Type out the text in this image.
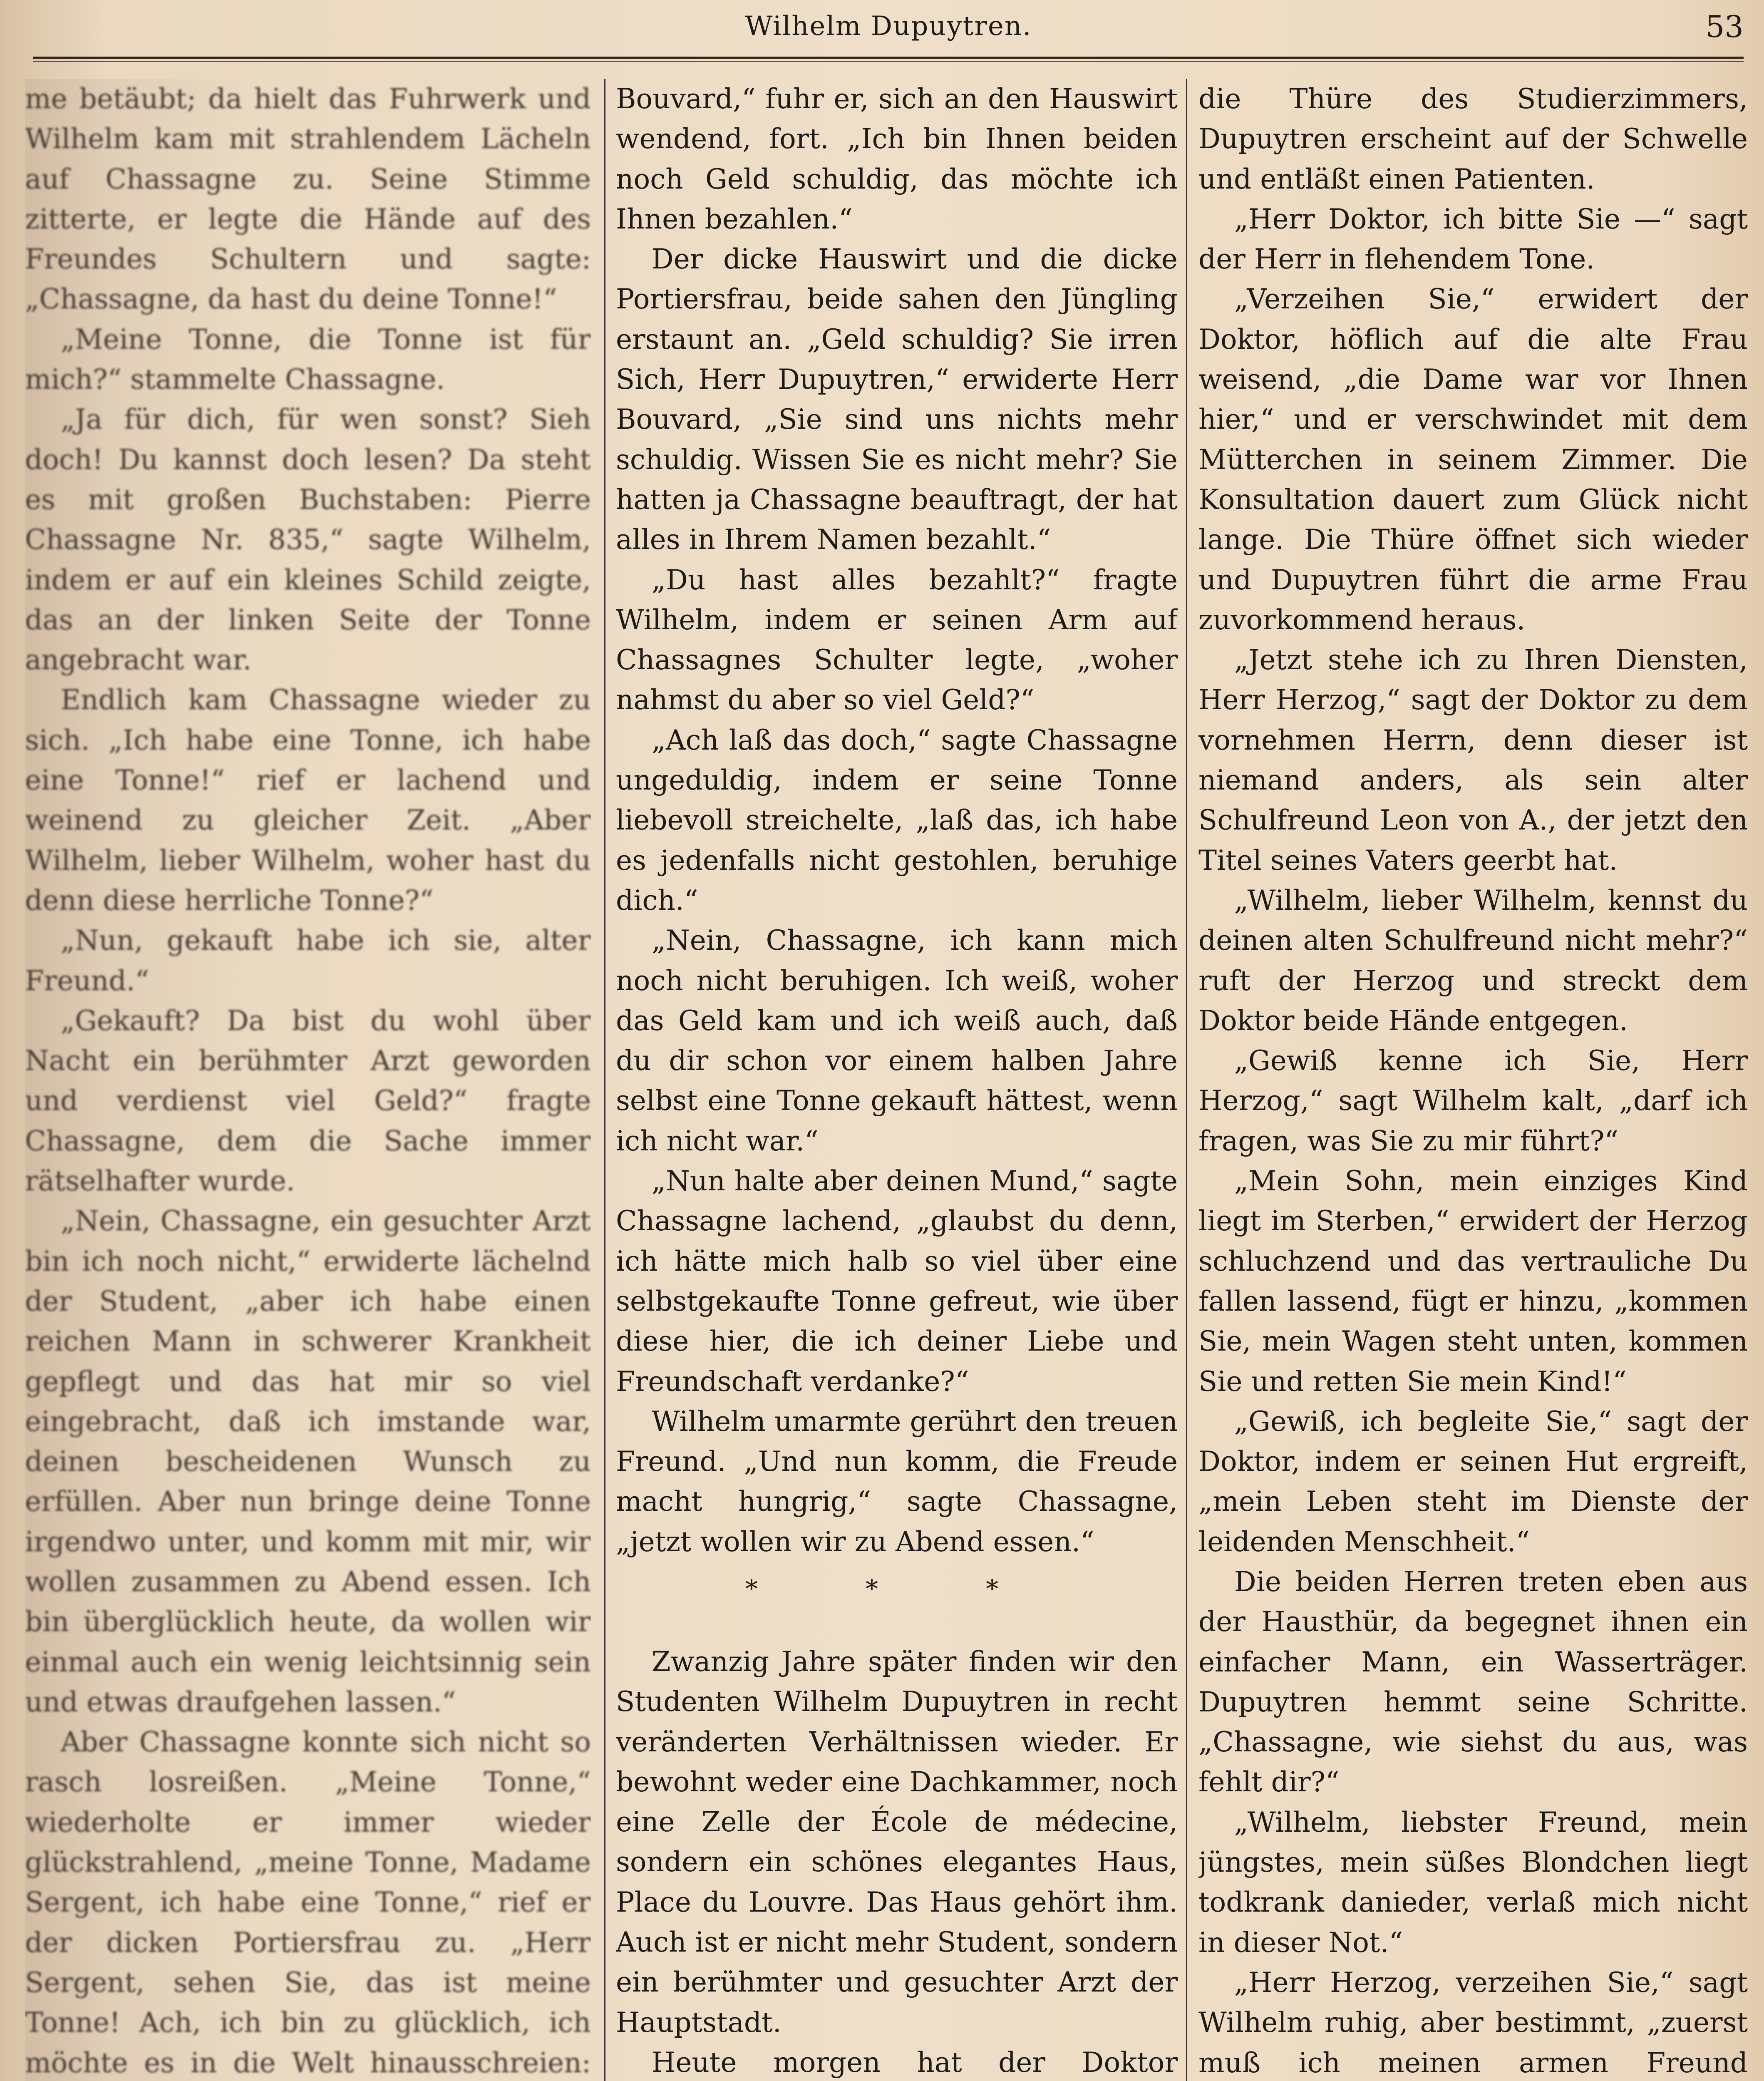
Wilhelm Dupuytren.	53

me betäubt; da hielt das Fuhrwerk und Wilhelm kam mit strahlendem Lächeln auf Chassagne zu. Seine Stimme zitterte, er legte die Hände auf des Freundes Schultern und sagte: „Chassagne, da hast du deine Tonne!“

„Meine Tonne, die Tonne ist für mich?“ stammelte Chassagne.

„Ja für dich, für wen sonst? Sieh doch! Du kannst doch lesen? Da steht es mit großen Buchstaben: Pierre Chassagne Nr. 835,“ sagte Wilhelm, indem er auf ein kleines Schild zeigte, das an der linken Seite der Tonne angebracht war.

Endlich kam Chassagne wieder zu sich. „Ich habe eine Tonne, ich habe eine Tonne!“ rief er lachend und weinend zu gleicher Zeit. „Aber Wilhelm, lieber Wilhelm, woher hast du denn diese herrliche Tonne?“

„Nun, gekauft habe ich sie, alter Freund.“

„Gekauft? Da bist du wohl über Nacht ein berühmter Arzt geworden und verdienst viel Geld?“ fragte Chassagne, dem die Sache immer rätselhafter wurde.

„Nein, Chassagne, ein gesuchter Arzt bin ich noch nicht,“ erwiderte lächelnd der Student, „aber ich habe einen reichen Mann in schwerer Krankheit gepflegt und das hat mir so viel eingebracht, daß ich imstande war, deinen bescheidenen Wunsch zu erfüllen. Aber nun bringe deine Tonne irgendwo unter, und komm mit mir, wir wollen zusammen zu Abend essen. Ich bin überglücklich heute, da wollen wir einmal auch ein wenig leichtsinnig sein und etwas draufgehen lassen.“

Aber Chassagne konnte sich nicht so rasch losreißen. „Meine Tonne,“ wiederholte er immer wieder glückstrahlend, „meine Tonne, Madame Sergent, ich habe eine Tonne,“ rief er der dicken Portiersfrau zu. „Herr Sergent, sehen Sie, das ist meine Tonne! Ach, ich bin zu glücklich, ich möchte es in die Welt hinausschreien:

Bouvard,“ fuhr er, sich an den Hauswirt wendend, fort. „Ich bin Ihnen beiden noch Geld schuldig, das möchte ich Ihnen bezahlen.“

Der dicke Hauswirt und die dicke Portiersfrau, beide sahen den Jüngling erstaunt an. „Geld schuldig? Sie irren Sich, Herr Dupuytren,“ erwiderte Herr Bouvard, „Sie sind uns nichts mehr schuldig. Wissen Sie es nicht mehr? Sie hatten ja Chassagne beauftragt, der hat alles in Ihrem Namen bezahlt.“

„Du hast alles bezahlt?“ fragte Wilhelm, indem er seinen Arm auf Chassagnes Schulter legte, „woher nahmst du aber so viel Geld?“

„Ach laß das doch,“ sagte Chassagne ungeduldig, indem er seine Tonne liebevoll streichelte, „laß das, ich habe es jedenfalls nicht gestohlen, beruhige dich.“

„Nein, Chassagne, ich kann mich noch nicht beruhigen. Ich weiß, woher das Geld kam und ich weiß auch, daß du dir schon vor einem halben Jahre selbst eine Tonne gekauft hättest, wenn ich nicht war.“

„Nun halte aber deinen Mund,“ sagte Chassagne lachend, „glaubst du denn, ich hätte mich halb so viel über eine selbstgekaufte Tonne gefreut, wie über diese hier, die ich deiner Liebe und Freundschaft verdanke?“

Wilhelm umarmte gerührt den treuen Freund. „Und nun komm, die Freude macht hungrig,“ sagte Chassagne, „jetzt wollen wir zu Abend essen.“

* * *

Zwanzig Jahre später finden wir den Studenten Wilhelm Dupuytren in recht veränderten Verhältnissen wieder. Er bewohnt weder eine Dachkammer, noch eine Zelle der École de médecine, sondern ein schönes elegantes Haus, Place du Louvre. Das Haus gehört ihm. Auch ist er nicht mehr Student, sondern ein berühmter und gesuchter Arzt der Hauptstadt.

Heute morgen hat der Doktor

die Thüre des Studierzimmers, Dupuytren erscheint auf der Schwelle und entläßt einen Patienten.

„Herr Doktor, ich bitte Sie —“ sagt der Herr in flehendem Tone.

„Verzeihen Sie,“ erwidert der Doktor, höflich auf die alte Frau weisend, „die Dame war vor Ihnen hier,“ und er verschwindet mit dem Mütterchen in seinem Zimmer. Die Konsultation dauert zum Glück nicht lange. Die Thüre öffnet sich wieder und Dupuytren führt die arme Frau zuvorkommend heraus.

„Jetzt stehe ich zu Ihren Diensten, Herr Herzog,“ sagt der Doktor zu dem vornehmen Herrn, denn dieser ist niemand anders, als sein alter Schulfreund Leon von A., der jetzt den Titel seines Vaters geerbt hat.

„Wilhelm, lieber Wilhelm, kennst du deinen alten Schulfreund nicht mehr?“ ruft der Herzog und streckt dem Doktor beide Hände entgegen.

„Gewiß kenne ich Sie, Herr Herzog,“ sagt Wilhelm kalt, „darf ich fragen, was Sie zu mir führt?“

„Mein Sohn, mein einziges Kind liegt im Sterben,“ erwidert der Herzog schluchzend und das vertrauliche Du fallen lassend, fügt er hinzu, „kommen Sie, mein Wagen steht unten, kommen Sie und retten Sie mein Kind!“

„Gewiß, ich begleite Sie,“ sagt der Doktor, indem er seinen Hut ergreift, „mein Leben steht im Dienste der leidenden Menschheit.“

Die beiden Herren treten eben aus der Hausthür, da begegnet ihnen ein einfacher Mann, ein Wasserträger. Dupuytren hemmt seine Schritte. „Chassagne, wie siehst du aus, was fehlt dir?“

„Wilhelm, liebster Freund, mein jüngstes, mein süßes Blondchen liegt todkrank danieder, verlaß mich nicht in dieser Not.“

„Herr Herzog, verzeihen Sie,“ sagt Wilhelm ruhig, aber bestimmt, „zuerst muß ich meinen armen Freund
